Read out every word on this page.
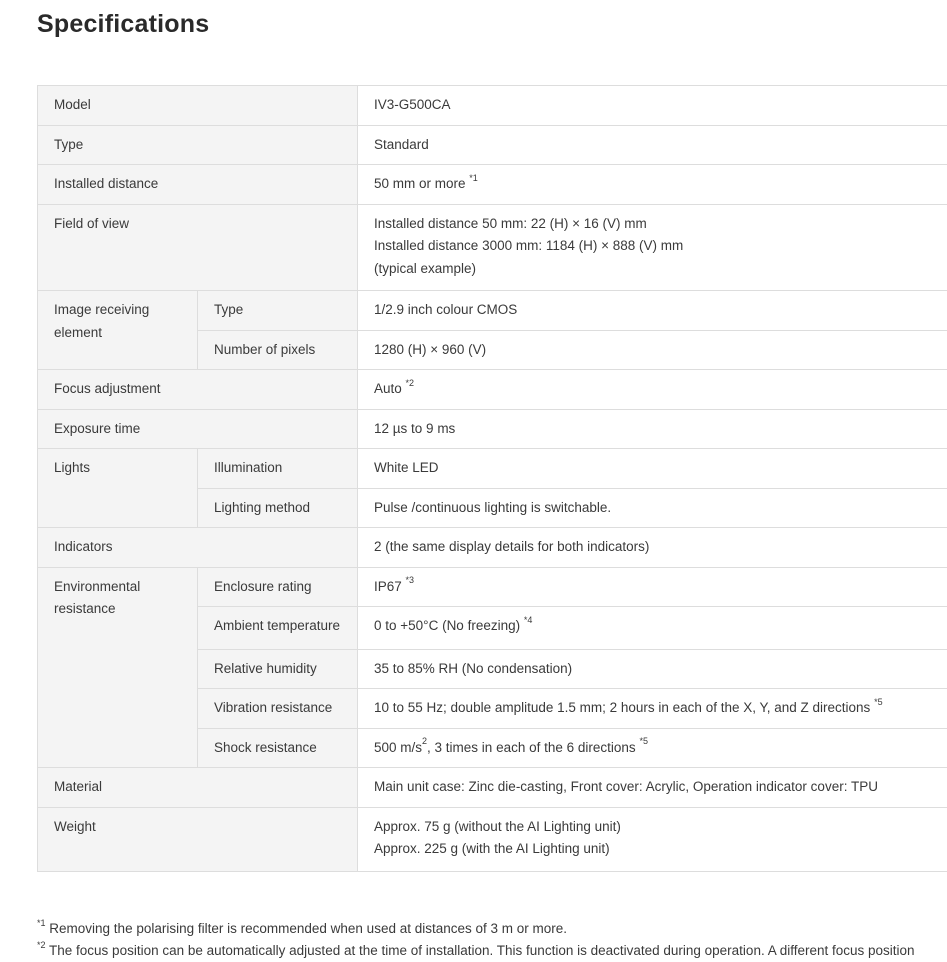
Specifications
Model		IV3-G500CA
Type		Standard
Installed distance		50 mm or more $^{*1}$
Field of view		Installed distance 50 mm: 22 (H) × 16 (V) mm
Installed distance 3000 mm: 1184 (H) × 888 (V) mm
(typical example)

Image receiving element	Type	1/2.9 inch colour CMOS
	Number of pixels	1280 (H) × 960 (V)
Focus adjustment		Auto $^{*2}$
Exposure time		12 µs to 9 ms
Lights	Illumination	White LED
	Lighting method	Pulse /continuous lighting is switchable.
Indicators		2 (the same display details for both indicators)
Environmental resistance	Enclosure rating	IP67 $^{*3}$
	Ambient temperature	0 to +50°C (No freezing) $^{*4}$
	Relative humidity	35 to 85% RH (No condensation)
	Vibration resistance	10 to 55 Hz; double amplitude 1.5 mm; 2 hours in each of the X, Y, and Z directions $^{*5}$
	Shock resistance	500 $m/s^2$, 3 times in each of the 6 directions $^{*5}$
Material		Main unit case: Zinc die-casting, Front cover: Acrylic, Operation indicator cover: TPU
Weight		Approx. 75 g (without the AI Lighting unit)
Approx. 225 g (with the AI Lighting unit)
$^{*1}$ Removing the polarising filter is recommended when used at distances of 3 m or more.
$^{*2}$ The focus position can be automatically adjusted at the time of installation. This function is deactivated during operation. A different focus position
